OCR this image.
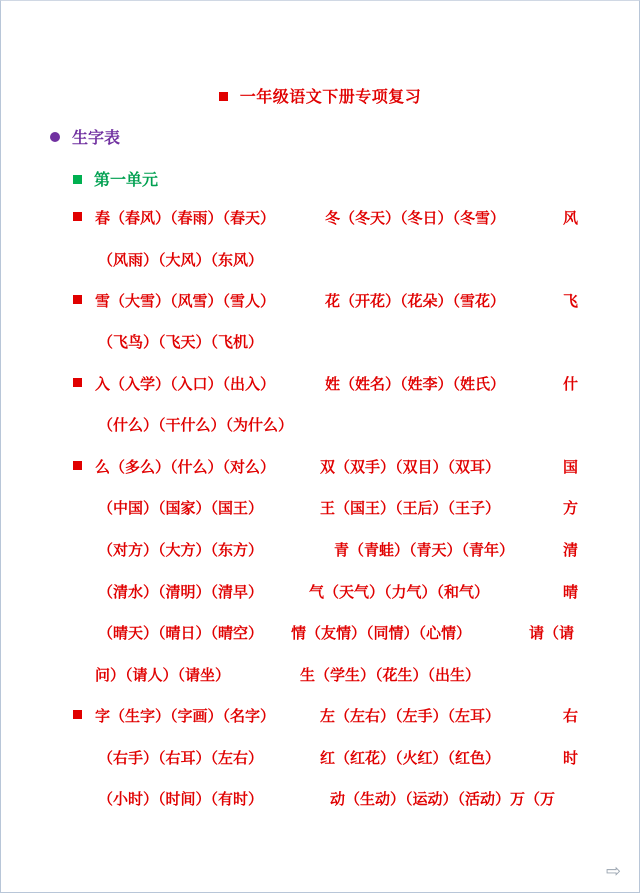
一年级语文下册专项复习
生字表
第一单元
春（春风）（春雨）（春天）	冬（冬天）（冬日）（冬雪）	风
（风雨）（大风）（东风）
雪（大雪）（风雪）（雪人）	花（开花）（花朵）（雪花）	飞
（飞鸟）（飞天）（飞机）
入（入学）（入口）（出入）	姓（姓名）（姓李）（姓氏）	什
（什么）（干什么）（为什么）
么（多么）（什么）（对么）	双（双手）（双目）（双耳）	国
（中国）（国家）（国王）	王（国王）（王后）（王子）	方
（对方）（大方）（东方）	青（青蛙）（青天）（青年）	清
（清水）（清明）（清早）	气（天气）（力气）（和气）	晴
（晴天）（晴日）（晴空） 情（友情）（同情）（心情）	请（请
问）（请人）（请坐）	生（学生）（花生）（出生）
字（生字）（字画）（名字）	左（左右）（左手）（左耳）	右
（右手）（右耳）（左右）	红（红花）（火红）（红色）	时
（小时）（时间）（有时）	动（生动）（运动）（活动）万（万
⇨
